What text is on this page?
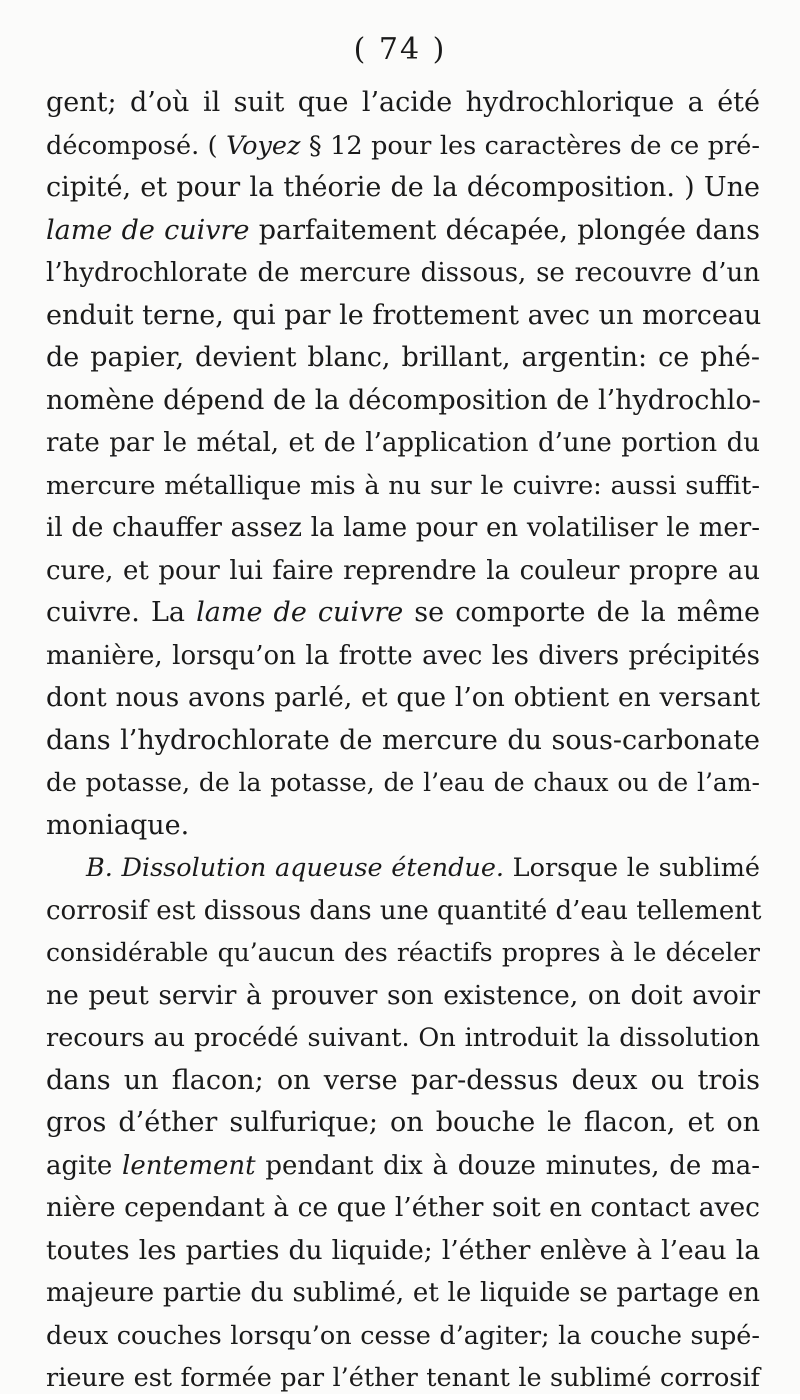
( 74 )
gent; d’où il suit que l’acide hydrochlorique a été
décomposé. ( Voyez § 12 pour les caractères de ce pré-
cipité, et pour la théorie de la décomposition. ) Une
lame de cuivre parfaitement décapée, plongée dans
l’hydrochlorate de mercure dissous, se recouvre d’un
enduit terne, qui par le frottement avec un morceau
de papier, devient blanc, brillant, argentin: ce phé-
nomène dépend de la décomposition de l’hydrochlo-
rate par le métal, et de l’application d’une portion du
mercure métallique mis à nu sur le cuivre: aussi suffit-
il de chauffer assez la lame pour en volatiliser le mer-
cure, et pour lui faire reprendre la couleur propre au
cuivre. La lame de cuivre se comporte de la même
manière, lorsqu’on la frotte avec les divers précipités
dont nous avons parlé, et que l’on obtient en versant
dans l’hydrochlorate de mercure du sous-carbonate
de potasse, de la potasse, de l’eau de chaux ou de l’am-
moniaque.
B. Dissolution aqueuse étendue. Lorsque le sublimé
corrosif est dissous dans une quantité d’eau tellement
considérable qu’aucun des réactifs propres à le déceler
ne peut servir à prouver son existence, on doit avoir
recours au procédé suivant. On introduit la dissolution
dans un flacon; on verse par-dessus deux ou trois
gros d’éther sulfurique; on bouche le flacon, et on
agite lentement pendant dix à douze minutes, de ma-
nière cependant à ce que l’éther soit en contact avec
toutes les parties du liquide; l’éther enlève à l’eau la
majeure partie du sublimé, et le liquide se partage en
deux couches lorsqu’on cesse d’agiter; la couche supé-
rieure est formée par l’éther tenant le sublimé corrosif
